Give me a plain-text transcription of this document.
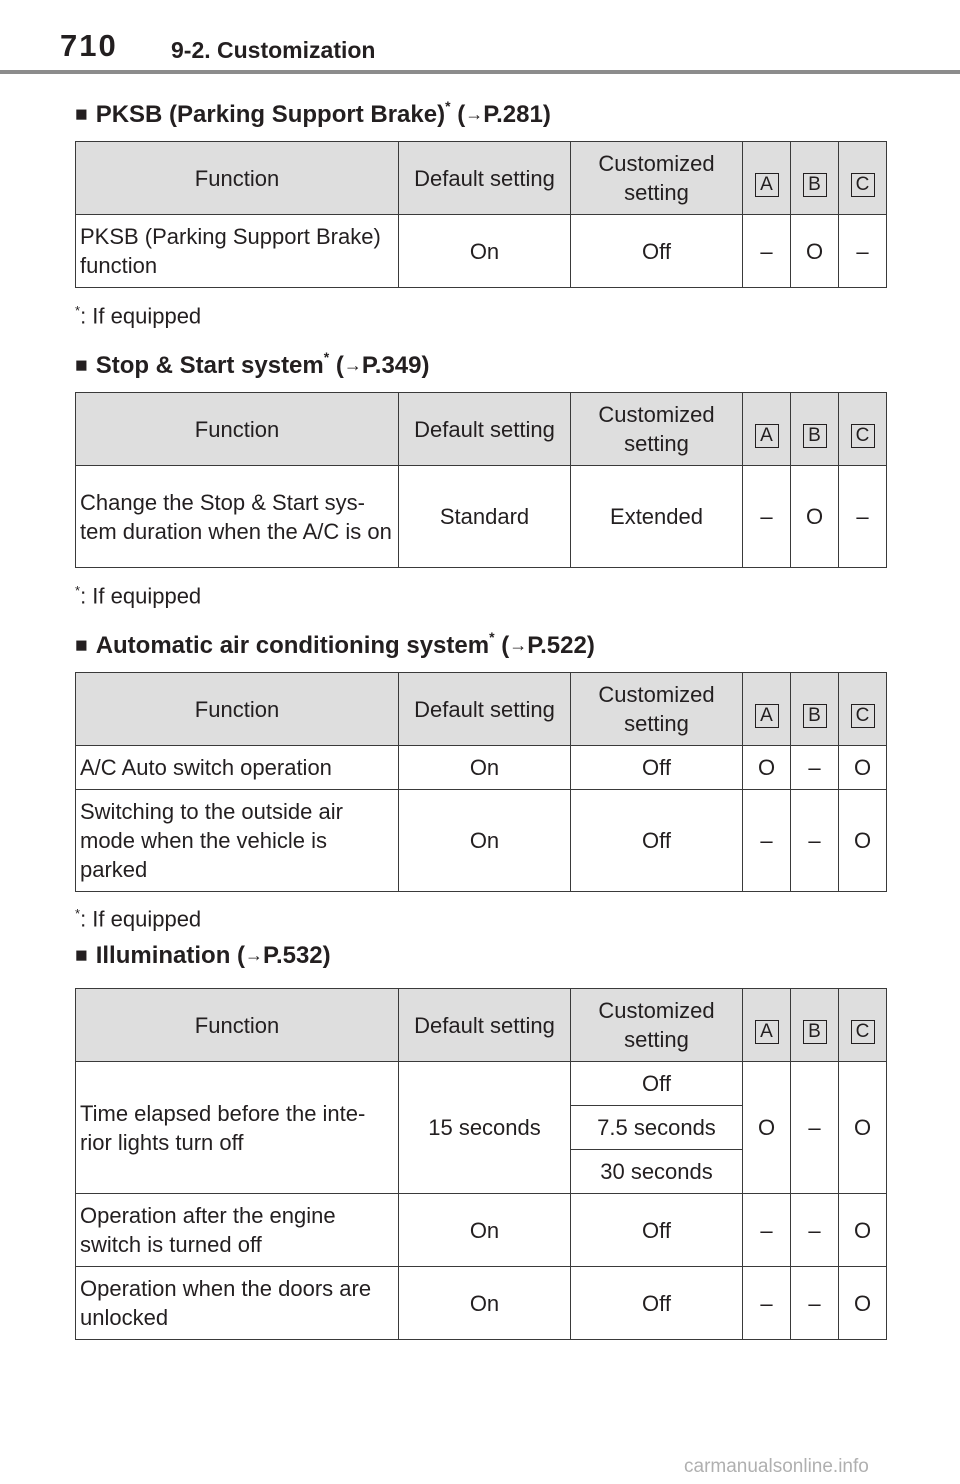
710 9-2. Customization
■ PKSB (Parking Support Brake)* (→P.281)
Function	Default setting	Customized setting	A	B	C
PKSB (Parking Support Brake) function	On	Off	–	O	–
*: If equipped
■ Stop & Start system* (→P.349)
Function	Default setting	Customized setting	A	B	C
Change the Stop & Start sys-tem duration when the A/C is on	Standard	Extended	–	O	–
*: If equipped
■ Automatic air conditioning system* (→P.522)
Function	Default setting	Customized setting	A	B	C
A/C Auto switch operation	On	Off	O	–	O
Switching to the outside air mode when the vehicle is parked	On	Off	–	–	O
*: If equipped
■ Illumination (→P.532)
Function	Default setting	Customized setting	A	B	C
Time elapsed before the inte-rior lights turn off	15 seconds	Off	O	–	O
		7.5 seconds			
		30 seconds			
Operation after the engine switch is turned off	On	Off	–	–	O
Operation when the doors are unlocked	On	Off	–	–	O
carmanualsonline.info
